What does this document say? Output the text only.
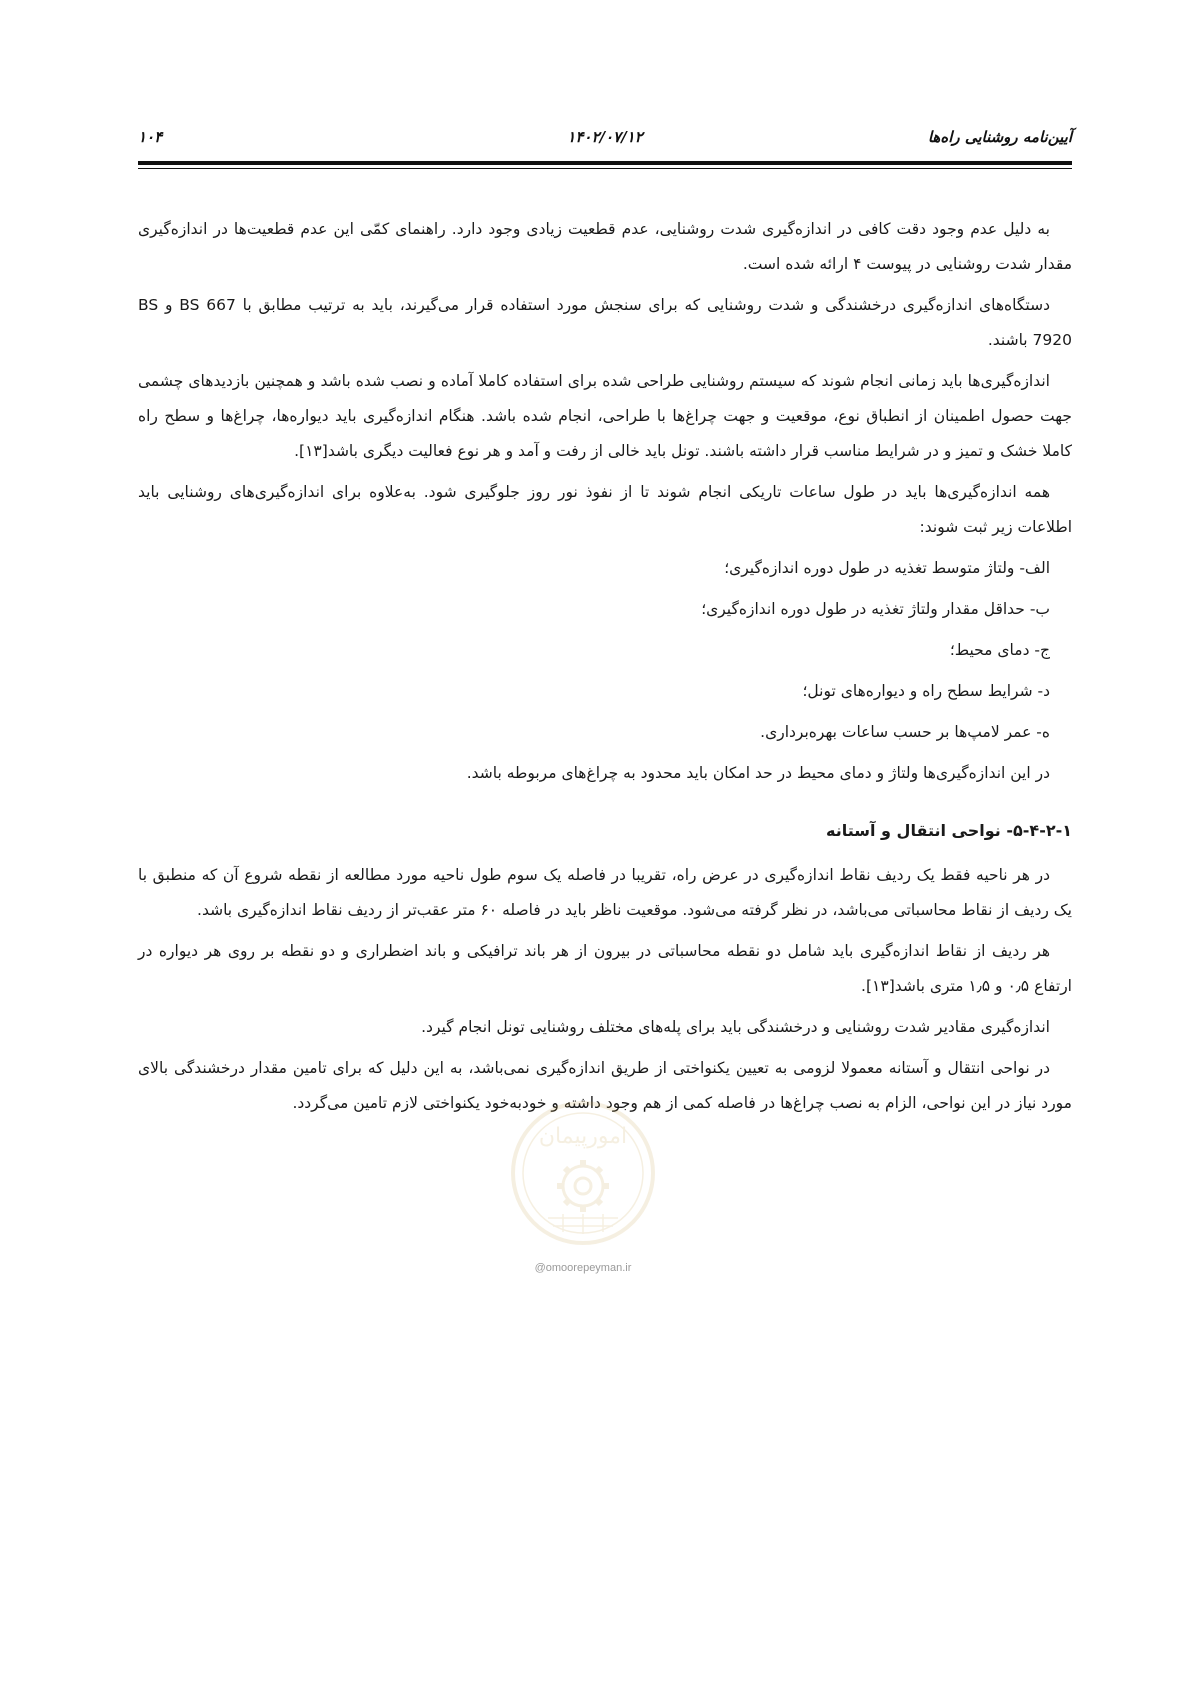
آیین‌نامه روشنایی راه‌ها
۱۴۰۲/۰۷/۱۲
۱۰۴

به دلیل عدم وجود دقت کافی در اندازه‌گیری شدت روشنایی، عدم قطعیت زیادی وجود دارد. راهنمای کمّی این عدم قطعیت‌ها در اندازه‌گیری مقدار شدت روشنایی در پیوست ۴ ارائه شده است.

دستگاه‌های اندازه‌گیری درخشندگی و شدت روشنایی که برای سنجش مورد استفاده قرار می‌گیرند، باید به ترتیب مطابق با BS 667 و BS 7920 باشند.

اندازه‌گیری‌ها باید زمانی انجام شوند که سیستم روشنایی طراحی شده برای استفاده کاملا آماده و نصب شده باشد و همچنین بازدیدهای چشمی جهت حصول اطمینان از انطباق نوع، موقعیت و جهت چراغ‌ها با طراحی، انجام شده باشد. هنگام اندازه‌گیری باید دیواره‌ها، چراغ‌ها و سطح راه کاملا خشک و تمیز و در شرایط مناسب قرار داشته باشند. تونل باید خالی از رفت و آمد و هر نوع فعالیت دیگری باشد[۱۳].

همه اندازه‌گیری‌ها باید در طول ساعات تاریکی انجام شوند تا از نفوذ نور روز جلوگیری شود. به‌علاوه برای اندازه‌گیری‌های روشنایی باید اطلاعات زیر ثبت شوند:

الف- ولتاژ متوسط تغذیه در طول دوره اندازه‌گیری؛
ب- حداقل مقدار ولتاژ تغذیه در طول دوره اندازه‌گیری؛
ج- دمای محیط؛
د- شرایط سطح راه و دیواره‌های تونل؛
ه- عمر لامپ‌ها بر حسب ساعات بهره‌برداری.

در این اندازه‌گیری‌ها ولتاژ و دمای محیط در حد امکان باید محدود به چراغ‌های مربوطه باشد.

۵-۴-۲-۱- نواحی انتقال و آستانه

در هر ناحیه فقط یک ردیف نقاط اندازه‌گیری در عرض راه، تقریبا در فاصله یک سوم طول ناحیه مورد مطالعه از نقطه شروع آن که منطبق با یک ردیف از نقاط محاسباتی می‌باشد، در نظر گرفته می‌شود. موقعیت ناظر باید در فاصله ۶۰ متر عقب‌تر از ردیف نقاط اندازه‌گیری باشد.

هر ردیف از نقاط اندازه‌گیری باید شامل دو نقطه محاسباتی در بیرون از هر باند ترافیکی و باند اضطراری و دو نقطه بر روی هر دیواره در ارتفاع ۰٫۵ و ۱٫۵ متری باشد[۱۳].

اندازه‌گیری مقادیر شدت روشنایی و درخشندگی باید برای پله‌های مختلف روشنایی تونل انجام گیرد.

در نواحی انتقال و آستانه معمولا لزومی به تعیین یکنواختی از طریق اندازه‌گیری نمی‌باشد، به این دلیل که برای تامین مقدار درخشندگی بالای مورد نیاز در این نواحی، الزام به نصب چراغ‌ها در فاصله کمی از هم وجود داشته و خودبه‌خود یکنواختی لازم تامین می‌گردد.

امورپیمان
@omoorepeyman.ir
